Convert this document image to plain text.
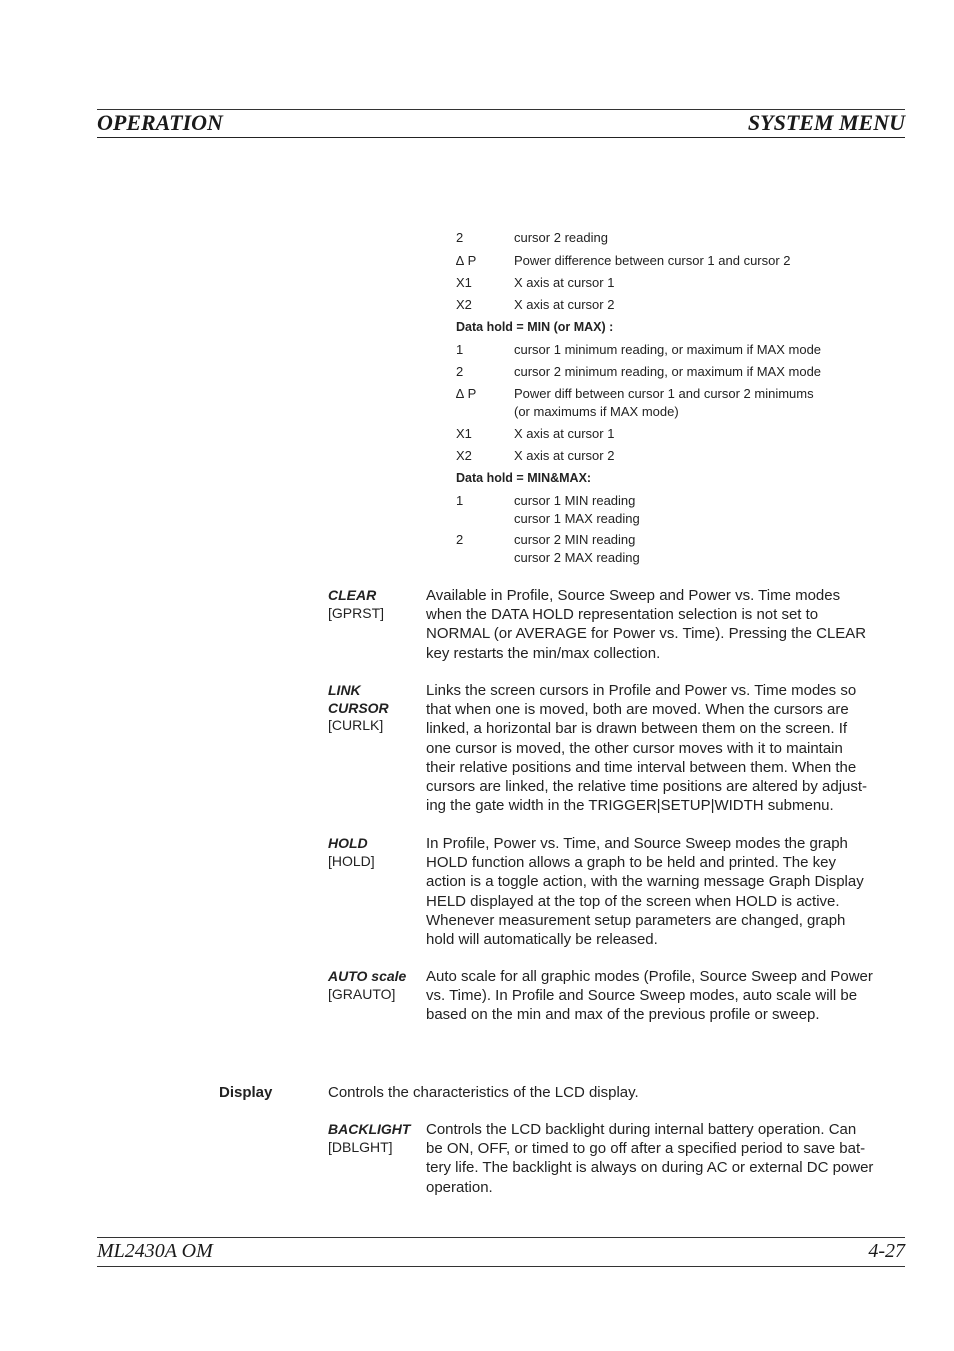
OPERATION	SYSTEM MENU
2	cursor 2 reading
∆ P	Power difference between cursor 1 and cursor 2
X1	X axis at cursor 1
X2	X axis at cursor 2
Data hold = MIN (or MAX) :
1	cursor 1 minimum reading, or maximum if MAX mode
2	cursor 2 minimum reading, or maximum if MAX mode
∆ P	Power diff between cursor 1 and cursor 2 minimums
(or maximums if MAX mode)
X1	X axis at cursor 1
X2	X axis at cursor 2
Data hold = MIN&MAX:
1	cursor 1 MIN reading
cursor 1 MAX reading
2	cursor 2 MIN reading
cursor 2 MAX reading
CLEAR
[GPRST]
Available in Profile, Source Sweep and Power vs. Time modes
when the DATA HOLD representation selection is not set to
NORMAL (or AVERAGE for Power vs. Time). Pressing the CLEAR
key restarts the min/max collection.
LINK
CURSOR
[CURLK]
Links the screen cursors in Profile and Power vs. Time modes so
that when one is moved, both are moved. When the cursors are
linked, a horizontal bar is drawn between them on the screen. If
one cursor is moved, the other cursor moves with it to maintain
their relative positions and time interval between them. When the
cursors are linked, the relative time positions are altered by adjust-
ing the gate width in the TRIGGER|SETUP|WIDTH submenu.
HOLD
[HOLD]
In Profile, Power vs. Time, and Source Sweep modes the graph
HOLD function allows a graph to be held and printed. The key
action is a toggle action, with the warning message Graph Display
HELD displayed at the top of the screen when HOLD is active.
Whenever measurement setup parameters are changed, graph
hold will automatically be released.
AUTO scale
[GRAUTO]
Auto scale for all graphic modes (Profile, Source Sweep and Power
vs. Time). In Profile and Source Sweep modes, auto scale will be
based on the min and max of the previous profile or sweep.
Display	Controls the characteristics of the LCD display.
BACKLIGHT
[DBLGHT]
Controls the LCD backlight during internal battery operation. Can
be ON, OFF, or timed to go off after a specified period to save bat-
tery life. The backlight is always on during AC or external DC power
operation.
ML2430A OM	4-27
